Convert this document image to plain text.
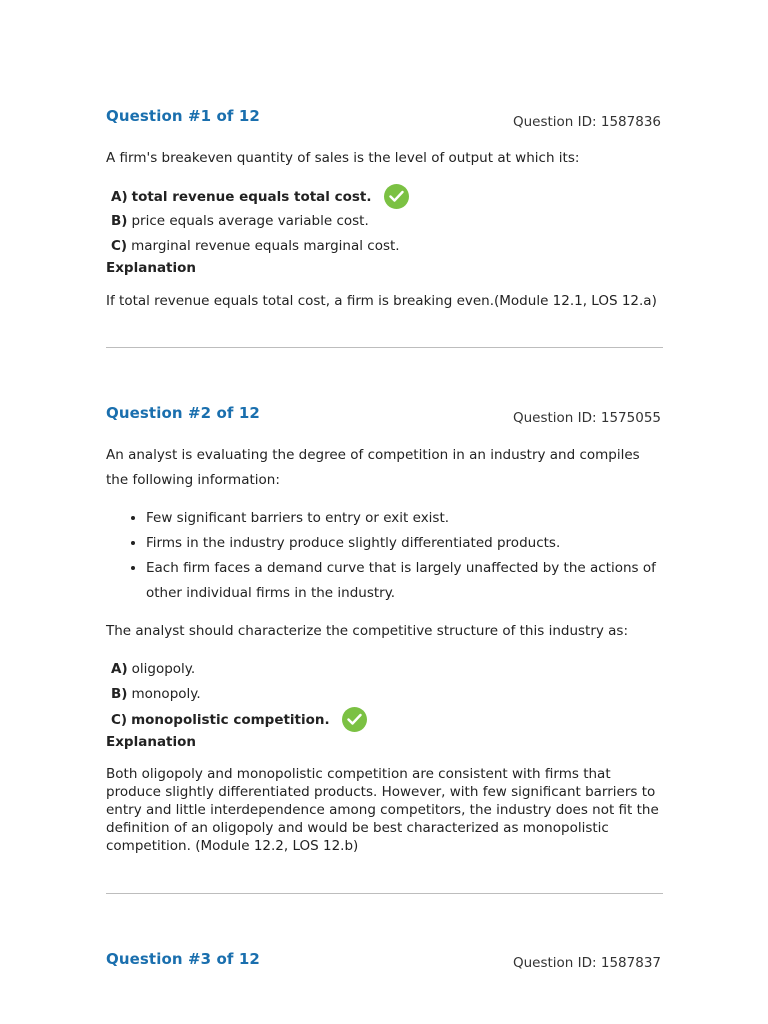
Question #1 of 12	Question ID: 1587836
A firm's breakeven quantity of sales is the level of output at which its:
A) total revenue equals total cost.
B) price equals average variable cost.
C) marginal revenue equals marginal cost.
Explanation
If total revenue equals total cost, a firm is breaking even.(Module 12.1, LOS 12.a)
Question #2 of 12	Question ID: 1575055
An analyst is evaluating the degree of competition in an industry and compiles the following information:
• Few significant barriers to entry or exit exist.
• Firms in the industry produce slightly differentiated products.
• Each firm faces a demand curve that is largely unaffected by the actions of other individual firms in the industry.
The analyst should characterize the competitive structure of this industry as:
A) oligopoly.
B) monopoly.
C) monopolistic competition.
Explanation
Both oligopoly and monopolistic competition are consistent with firms that produce slightly differentiated products. However, with few significant barriers to entry and little interdependence among competitors, the industry does not fit the definition of an oligopoly and would be best characterized as monopolistic competition. (Module 12.2, LOS 12.b)
Question #3 of 12	Question ID: 1587837
